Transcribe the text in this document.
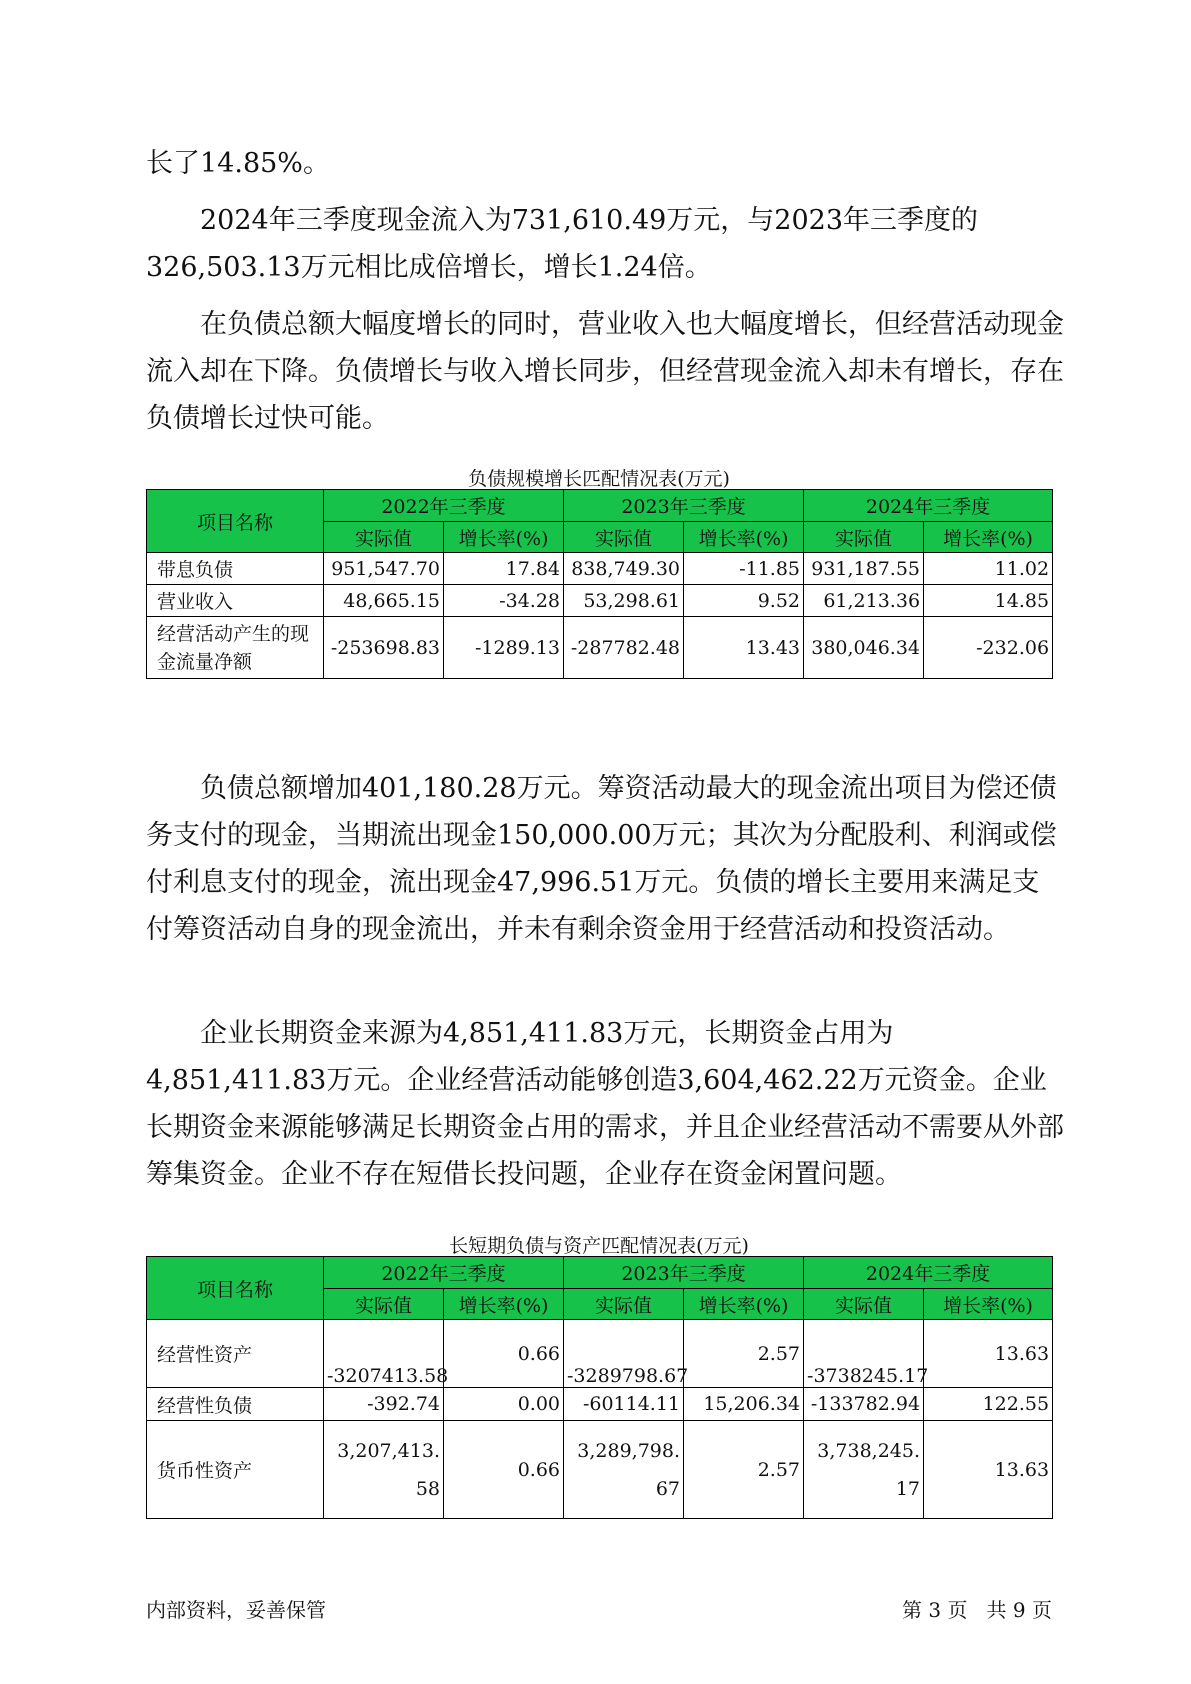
长了14.85%。

2024年三季度现金流入为731,610.49万元，与2023年三季度的326,503.13万元相比成倍增长，增长1.24倍。

在负债总额大幅度增长的同时，营业收入也大幅度增长，但经营活动现金流入却在下降。负债增长与收入增长同步，但经营现金流入却未有增长，存在负债增长过快可能。

负债规模增长匹配情况表(万元)
项目名称	2022年三季度		2023年三季度		2024年三季度	
	实际值	增长率(%)	实际值	增长率(%)	实际值	增长率(%)
带息负债	951,547.70	17.84	838,749.30	-11.85	931,187.55	11.02
营业收入	48,665.15	-34.28	53,298.61	9.52	61,213.36	14.85
经营活动产生的现金流量净额	-253698.83	-1289.13	-287782.48	13.43	380,046.34	-232.06

负债总额增加401,180.28万元。筹资活动最大的现金流出项目为偿还债务支付的现金，当期流出现金150,000.00万元；其次为分配股利、利润或偿付利息支付的现金，流出现金47,996.51万元。负债的增长主要用来满足支付筹资活动自身的现金流出，并未有剩余资金用于经营活动和投资活动。

企业长期资金来源为4,851,411.83万元，长期资金占用为4,851,411.83万元。企业经营活动能够创造3,604,462.22万元资金。企业长期资金来源能够满足长期资金占用的需求，并且企业经营活动不需要从外部筹集资金。企业不存在短借长投问题，企业存在资金闲置问题。

长短期负债与资产匹配情况表(万元)
项目名称	2022年三季度		2023年三季度		2024年三季度	
	实际值	增长率(%)	实际值	增长率(%)	实际值	增长率(%)
经营性资产	-3207413.58	0.66	-3289798.67	2.57	-3738245.17	13.63
经营性负债	-392.74	0.00	-60114.11	15,206.34	-133782.94	122.55
货币性资产	3,207,413.58	0.66	3,289,798.67	2.57	3,738,245.17	13.63
内部资料，妥善保管	第 3 页   共 9 页
